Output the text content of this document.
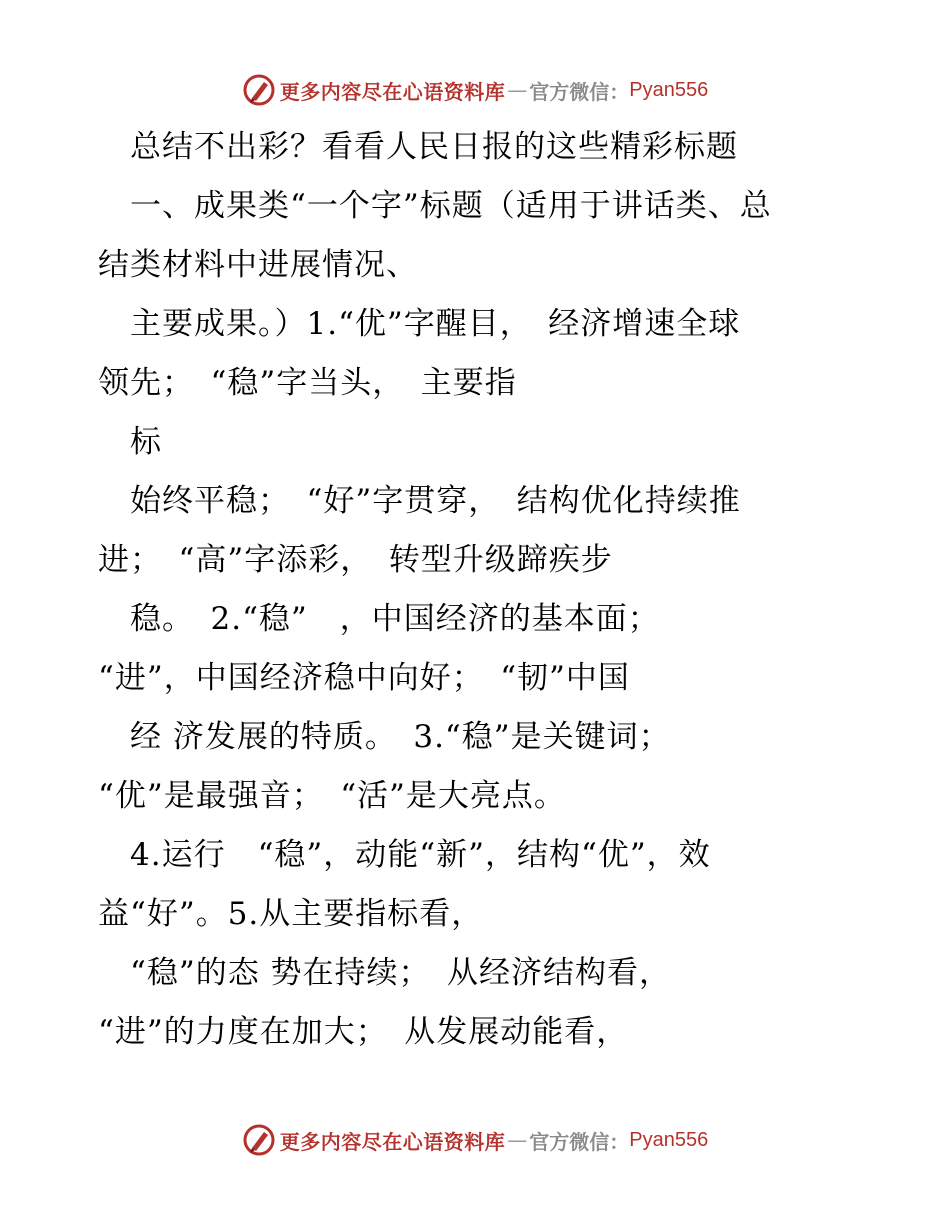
更多内容尽在心语资料库 — 官方微信： Pyan556
　总结不出彩？看看人民日报的这些精彩标题
　一、成果类“一个字”标题（适用于讲话类、总
结类材料中进展情况、
　主要成果。）1.“优”字醒目，　经济增速全球
领先；　“稳”字当头，　主要指
　标
　始终平稳；　“好”字贯穿，　结构优化持续推
进；　“高”字添彩，　转型升级蹄疾步
　稳。　2.“稳”　，中国经济的基本面；
“进”，中国经济稳中向好；　“韧”中国
　经 济发展的特质。　3.“稳”是关键词；
“优”是最强音；　“活”是大亮点。
　4.运行　“稳”，动能“新”，结构“优”，效
益“好”。5.从主要指标看，
　“稳”的态 势在持续；　从经济结构看，
“进”的力度在加大；　从发展动能看，
更多内容尽在心语资料库 — 官方微信： Pyan556
